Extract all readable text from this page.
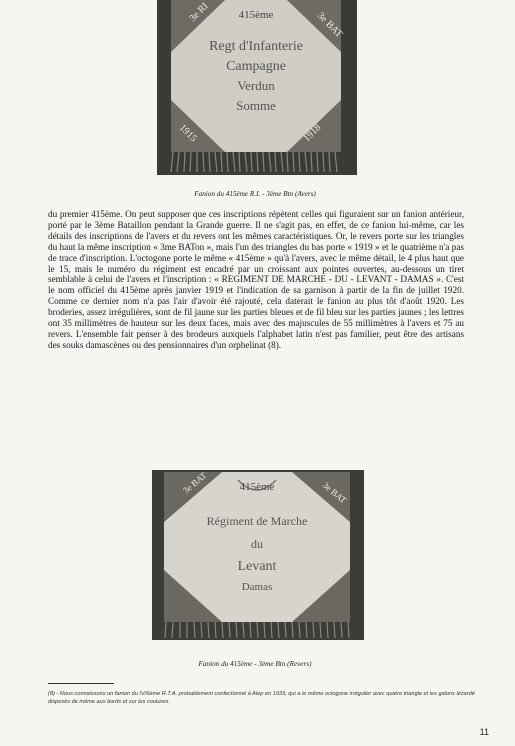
3e RI	3e BAT
1915	1918
415ème
Regt d'Infanterie
Campagne
Verdun
Somme
Fanion du 415ème R.I. - 3ème Btn (Avers)
du premier 415ème. On peut supposer que ces inscriptions répètent celles qui figuraient sur un fanion antérieur, porté par le 3ème Bataillon pendant la Grande guerre. Il ne s'agit pas, en effet, de ce fanion lui-même, car les détails des inscriptions de l'avers et du revers ont les mêmes caractéristiques. Or, le revers porte sur les triangles du haut la même inscription « 3me BATon », mais l'un des triangles du bas porte « 1919 » et le quatrième n'a pas de trace d'inscription. L'octogone porte le même « 415ème » qu'à l'avers, avec le même détail, le 4 plus haut que le 15, mais le numéro du régiment est encadré par un croissant aux pointes ouvertes, au-dessous un tiret semblable à celui de l'avers et l'inscription : « REGIMENT DE MARCHE - DU - LEVANT - DAMAS ». C'est le nom officiel du 415ème après janvier 1919 et l'indication de sa garnison à partir de la fin de juillet 1920. Comme ce dernier nom n'a pas l'air d'avoir été rajouté, cela daterait le fanion au plus tôt d'août 1920. Les broderies, assez irrégulières, sont de fil jaune sur les parties bleues et de fil bleu sur les parties jaunes ; les lettres ont 35 millimètres de hauteur sur les deux faces, mais avec des majuscules de 55 millimètres à l'avers et 75 au revers. L'ensemble fait penser à des brodeurs auxquels l'alphabet latin n'est pas familier, peut être des artisans des souks damascènes ou des pensionnaires d'un orphelinat (8).
3e BAT	3e BAT
415ème
Régiment de Marche
du
Levant
Damas
Fanion du 415ème - 3ème Btn (Revers)
(8) - Nous connaissons un fanion du IV/6ème R.T.A. probablement confectionné à Alep en 1933, qui a le même octogone irrégulier avec quatre triangle et les galons lézardé disposés de même aux bords et sur les coutures.
11
